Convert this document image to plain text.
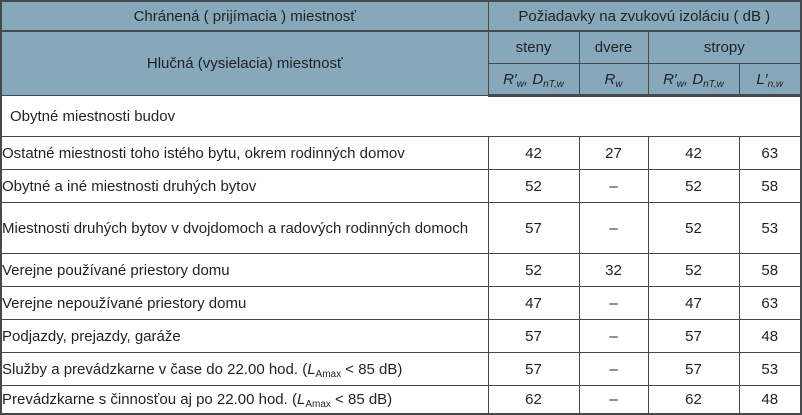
Chránená ( prijímacia ) miestnosť	Požiadavky na zvukovú izoláciu ( dB )			
Hlučná (vysielacia) miestnosť	steny	dvere	stropy	
	$R'_w$, $D_{nT,w}$	$R_w$	$R'_w$, $D_{nT,w}$	$L'_{n,w}$
Obytné miestnosti budov				
Ostatné miestnosti toho istého bytu, okrem rodinných domov	42	27	42	63
Obytné a iné miestnosti druhých bytov	52	–	52	58
Miestnosti druhých bytov v dvojdomoch a radových rodinných domoch	57	–	52	53
Verejne používané priestory domu	52	32	52	58
Verejne nepoužívané priestory domu	47	–	47	63
Podjazdy, prejazdy, garáže	57	–	57	48
Služby a prevádzkarne v čase do 22.00 hod. ($L_{Amax} < 85$ dB)	57	–	57	53
Prevádzkarne s činnosťou aj po 22.00 hod. ($L_{Amax} < 85$ dB)	62	–	62	48
